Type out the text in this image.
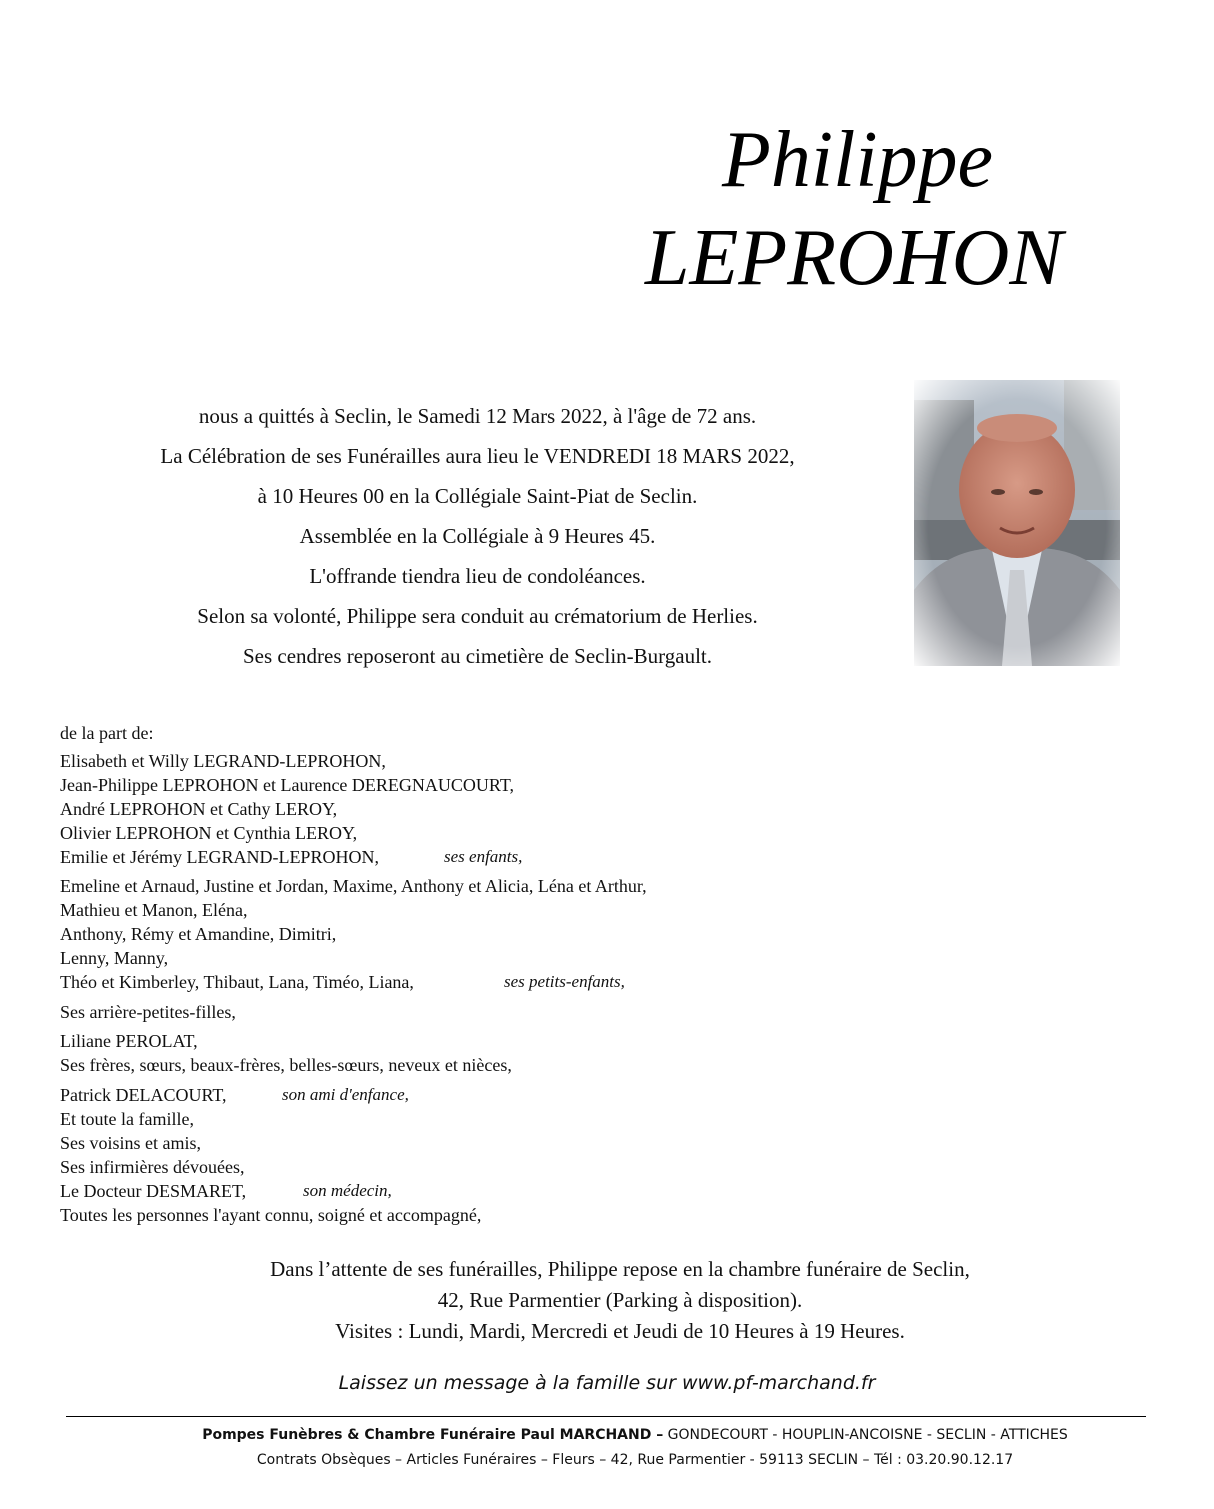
Philippe
LEPROHON
nous a quittés à Seclin, le Samedi 12 Mars 2022, à l'âge de 72 ans.
La Célébration de ses Funérailles aura lieu le VENDREDI 18 MARS 2022,
à 10 Heures 00 en la Collégiale Saint-Piat de Seclin.
Assemblée en la Collégiale à 9 Heures 45.
L'offrande tiendra lieu de condoléances.
Selon sa volonté, Philippe sera conduit au crématorium de Herlies.
Ses cendres reposeront au cimetière de Seclin-Burgault.
de la part de:
Elisabeth et Willy LEGRAND-LEPROHON,
Jean-Philippe LEPROHON et Laurence DEREGNAUCOURT,
André LEPROHON et Cathy LEROY,
Olivier LEPROHON et Cynthia LEROY,
Emilie et Jérémy LEGRAND-LEPROHON,	ses enfants,
Emeline et Arnaud, Justine et Jordan, Maxime, Anthony et Alicia, Léna et Arthur,
Mathieu et Manon, Eléna,
Anthony, Rémy et Amandine, Dimitri,
Lenny, Manny,
Théo et Kimberley, Thibaut, Lana, Timéo, Liana,	ses petits-enfants,
Ses arrière-petites-filles,
Liliane PEROLAT,
Ses frères, sœurs, beaux-frères, belles-sœurs, neveux et nièces,
Patrick DELACOURT,	son ami d'enfance,
Et toute la famille,
Ses voisins et amis,
Ses infirmières dévouées,
Le Docteur DESMARET,	son médecin,
Toutes les personnes l'ayant connu, soigné et accompagné,
Dans l’attente de ses funérailles, Philippe repose en la chambre funéraire de Seclin,
42, Rue Parmentier (Parking à disposition).
Visites : Lundi, Mardi, Mercredi et Jeudi de 10 Heures à 19 Heures.
Laissez un message à la famille sur www.pf-marchand.fr
Pompes Funèbres & Chambre Funéraire Paul MARCHAND – GONDECOURT - HOUPLIN-ANCOISNE - SECLIN - ATTICHES
Contrats Obsèques – Articles Funéraires – Fleurs – 42, Rue Parmentier - 59113 SECLIN – Tél : 03.20.90.12.17
